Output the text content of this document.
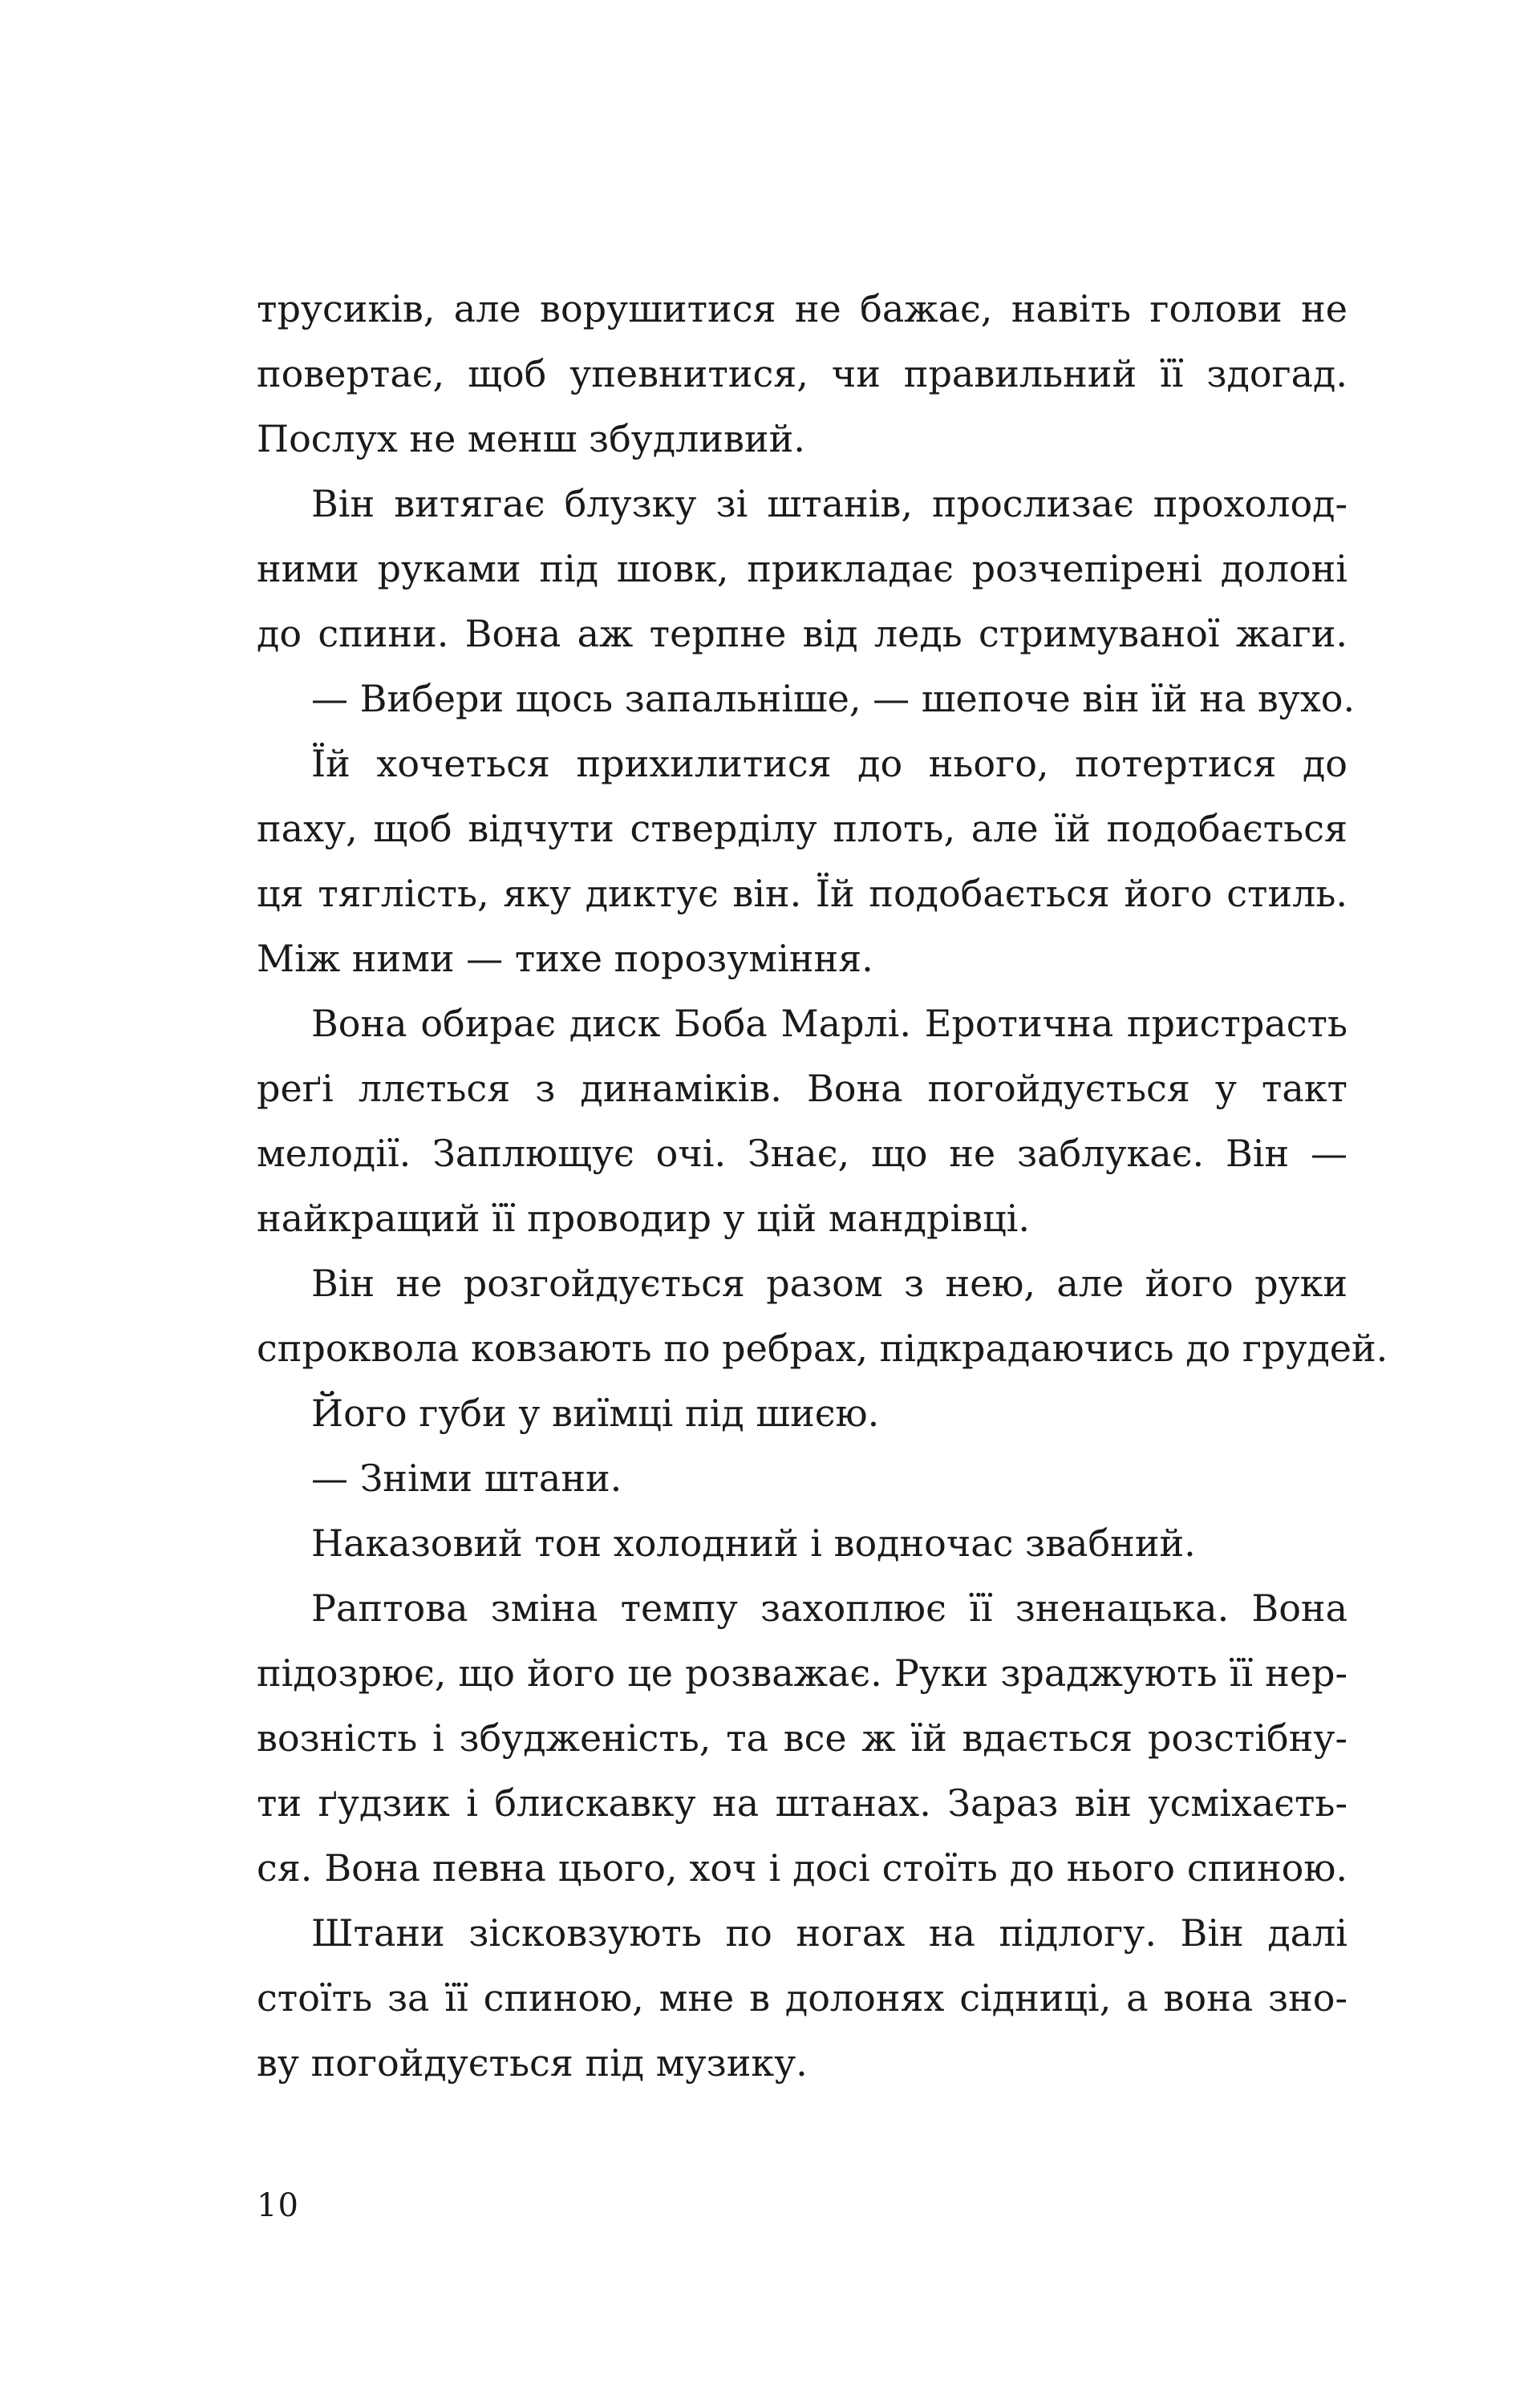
трусиків, але ворушитися не бажає, навіть голови не
повертає, щоб упевнитися, чи правильний її здогад.
Послух не менш збудливий.
Він витягає блузку зі штанів, прослизає прохолод-
ними руками під шовк, прикладає розчепірені долоні
до спини. Вона аж терпне від ледь стримуваної жаги.
— Вибери щось запальніше, — шепоче він їй на вухо.
Їй хочеться прихилитися до нього, потертися до
паху, щоб відчути стверділу плоть, але їй подобається
ця тяглість, яку диктує він. Їй подобається його стиль.
Між ними — тихе порозуміння.
Вона обирає диск Боба Марлі. Еротична пристрасть
реґі ллється з динаміків. Вона погойдується у такт
мелодії. Заплющує очі. Знає, що не заблукає. Він —
найкращий її проводир у цій мандрівці.
Він не розгойдується разом з нею, але його руки
спроквола ковзають по ребрах, підкрадаючись до грудей.
Його губи у виїмці під шиєю.
— Зніми штани.
Наказовий тон холодний і водночас звабний.
Раптова зміна темпу захоплює її зненацька. Вона
підозрює, що його це розважає. Руки зраджують її нер-
возність і збудженість, та все ж їй вдається розстібну-
ти ґудзик і блискавку на штанах. Зараз він усміхаєть-
ся. Вона певна цього, хоч і досі стоїть до нього спиною.
Штани зісковзують по ногах на підлогу. Він далі
стоїть за її спиною, мне в долонях сідниці, а вона зно-
ву погойдується під музику.
10
